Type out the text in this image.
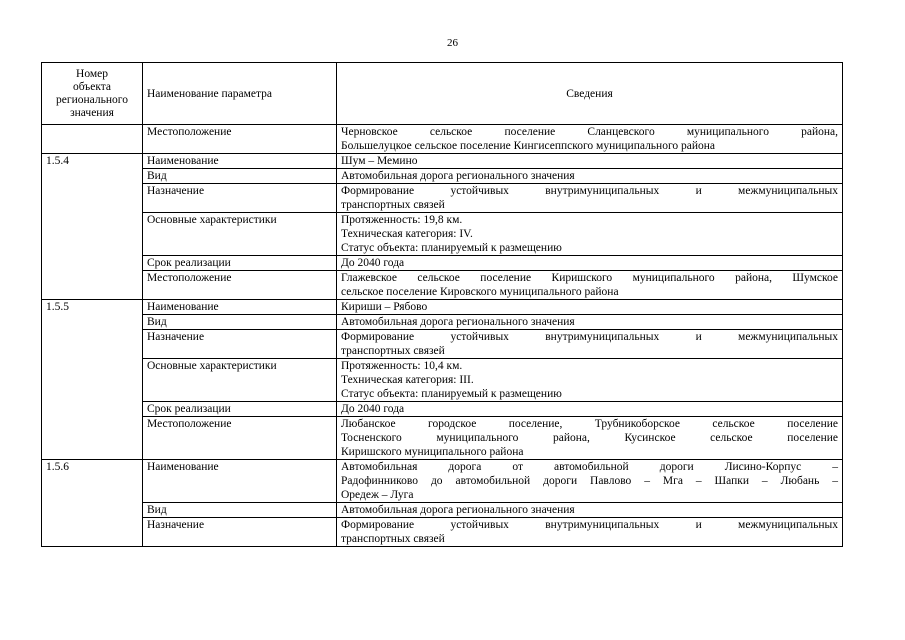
26
Номер
объекта
регионального
значения	Наименование параметра	Сведения
	Местоположение	Черновское сельское поселение Сланцевского муниципального района,
Большелуцкое сельское поселение Кингисеппского муниципального района

1.5.4	Наименование	Шум – Мемино

	Вид	Автомобильная дорога регионального значения

	Назначение	Формирование устойчивых внутримуниципальных и межмуниципальных
транспортных связей

	Основные характеристики	Протяженность: 19,8 км.
Техническая категория: IV.
Статус объекта: планируемый к размещению

	Срок реализации	До 2040 года

	Местоположение	Глажевское сельское поселение Киришского муниципального района, Шумское
сельское поселение Кировского муниципального района

1.5.5	Наименование	Кириши – Рябово

	Вид	Автомобильная дорога регионального значения

	Назначение	Формирование устойчивых внутримуниципальных и межмуниципальных
транспортных связей

	Основные характеристики	Протяженность: 10,4 км.
Техническая категория: III.
Статус объекта: планируемый к размещению

	Срок реализации	До 2040 года

	Местоположение	Любанское городское поселение, Трубникоборское сельское поселение
Тосненского муниципального района, Кусинское сельское поселение
Киришского муниципального района

1.5.6	Наименование	Автомобильная дорога от автомобильной дороги Лисино-Корпус –
Радофинниково до автомобильной дороги Павлово – Мга – Шапки – Любань –
Оредеж – Луга

	Вид	Автомобильная дорога регионального значения

	Назначение	Формирование устойчивых внутримуниципальных и межмуниципальных
транспортных связей
